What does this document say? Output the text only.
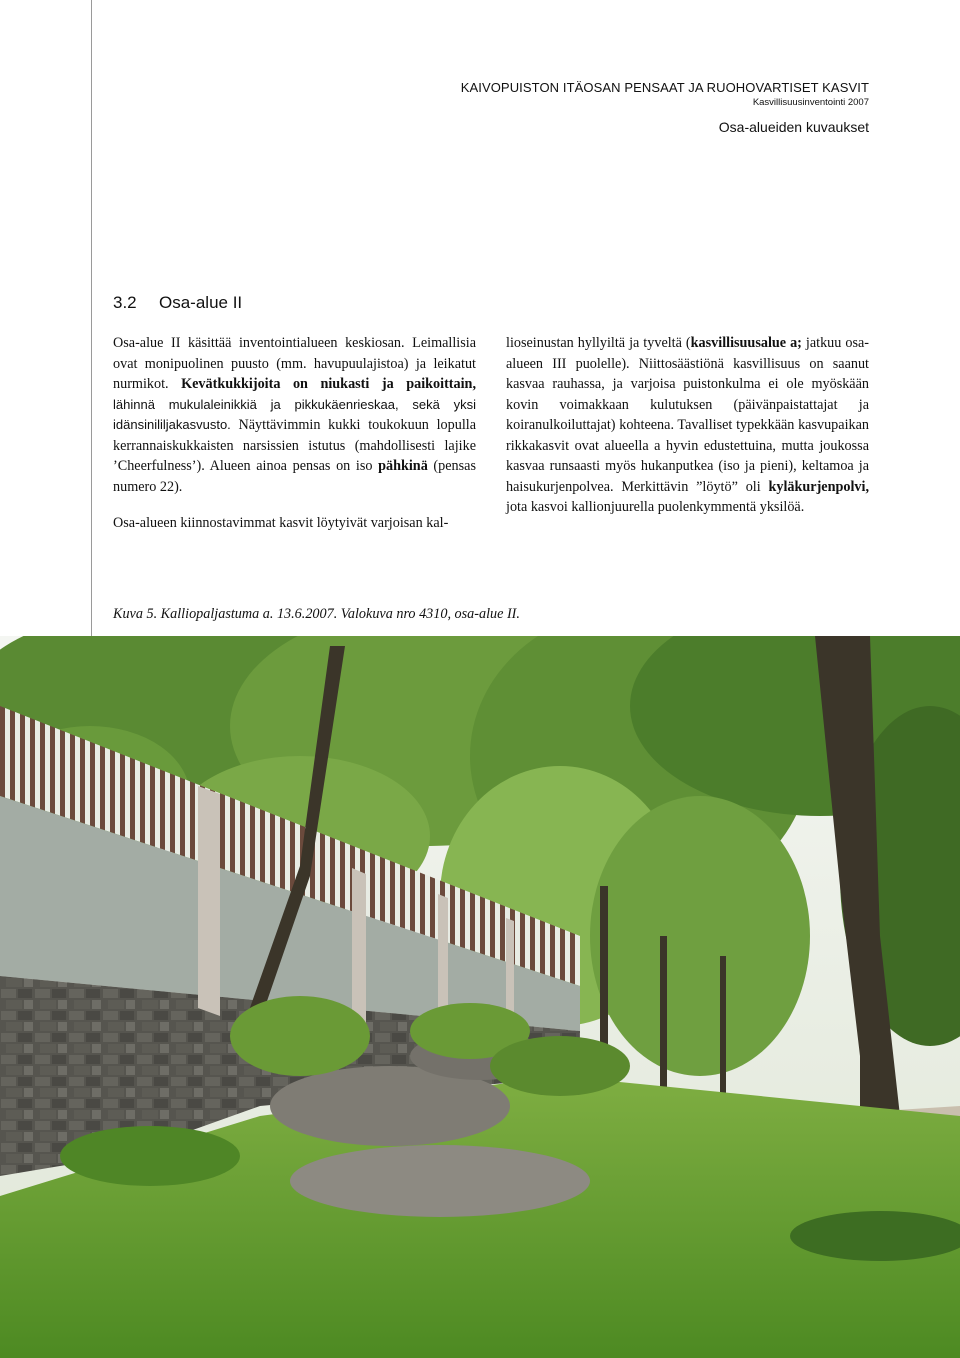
KAIVOPUISTON ITÄOSAN PENSAAT JA RUOHOVARTISET KASVIT
Kasvillisuusinventointi 2007
Osa-alueiden kuvaukset
3.2 Osa-alue II

Osa-alue II käsittää inventointialueen keskiosan. Leimallisia ovat monipuolinen puusto (mm. havupuulajistoa) ja leikatut nurmikot. Kevätkukkijoita on niukasti ja paikoittain, lähinnä mukulaleinikkiä ja pikkukäenrieskaa, sekä yksi idänsinililjakasvusto. Näyttävimmin kukki toukokuun lopulla kerrannaiskukkaisten narsissien istutus (mahdollisesti lajike ’Cheerfulness’). Alueen ainoa pensas on iso pähkinä (pensas numero 22).

Osa-alueen kiinnostavimmat kasvit löytyivät varjoisan kal-

lioseinustan hyllyiltä ja tyveltä (kasvillisuusalue a; jatkuu osa-alueen III puolelle). Niittosäästiönä kasvillisuus on saanut kasvaa rauhassa, ja varjoisa puistonkulma ei ole myöskään kovin voimakkaan kulutuksen (päivänpaistattajat ja koiranulkoiluttajat) kohteena. Tavalliset typekkään kasvupaikan rikkakasvit ovat alueella a hyvin edustettuina, mutta joukossa kasvaa runsaasti myös hukanputkea (iso ja pieni), keltamoa ja haisukurjenpolvea. Merkittävin ”löytö” oli kyläkurjenpolvi, jota kasvoi kallionjuurella puolenkymmentä yksilöä.

Kuva 5. Kalliopaljastuma a. 13.6.2007. Valokuva nro 4310, osa-alue II.
